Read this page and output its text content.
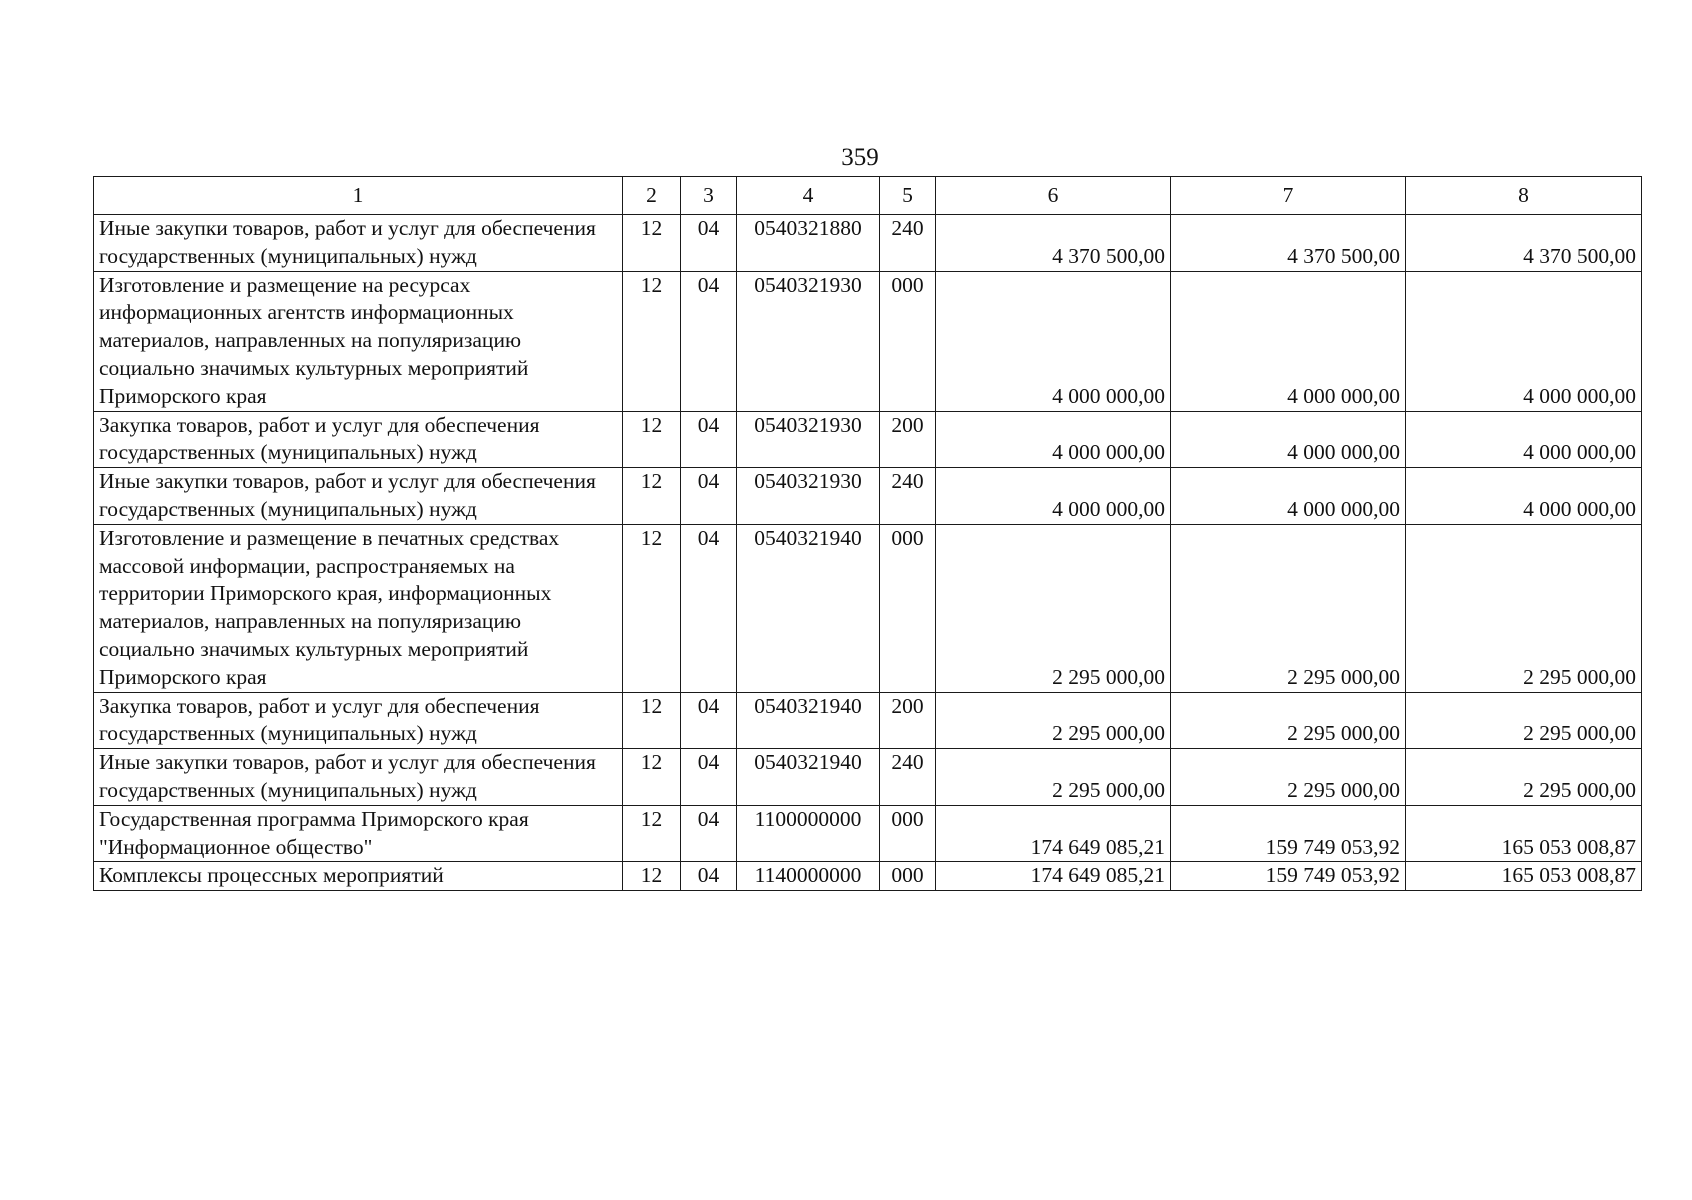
359
1	2	3	4	5	6	7	8
Иные закупки товаров, работ и услуг для обеспечения государственных (муниципальных) нужд	12	04	0540321880	240	4 370 500,00	4 370 500,00	4 370 500,00
Изготовление и размещение на ресурсах информационных агентств информационных материалов, направленных на популяризацию социально значимых культурных мероприятий Приморского края	12	04	0540321930	000	4 000 000,00	4 000 000,00	4 000 000,00
Закупка товаров, работ и услуг для обеспечения государственных (муниципальных) нужд	12	04	0540321930	200	4 000 000,00	4 000 000,00	4 000 000,00
Иные закупки товаров, работ и услуг для обеспечения государственных (муниципальных) нужд	12	04	0540321930	240	4 000 000,00	4 000 000,00	4 000 000,00
Изготовление и размещение в печатных средствах массовой информации, распространяемых на территории Приморского края, информационных материалов, направленных на популяризацию социально значимых культурных мероприятий Приморского края	12	04	0540321940	000	2 295 000,00	2 295 000,00	2 295 000,00
Закупка товаров, работ и услуг для обеспечения государственных (муниципальных) нужд	12	04	0540321940	200	2 295 000,00	2 295 000,00	2 295 000,00
Иные закупки товаров, работ и услуг для обеспечения государственных (муниципальных) нужд	12	04	0540321940	240	2 295 000,00	2 295 000,00	2 295 000,00
Государственная программа Приморского края "Информационное общество"	12	04	1100000000	000	174 649 085,21	159 749 053,92	165 053 008,87
Комплексы процессных мероприятий	12	04	1140000000	000	174 649 085,21	159 749 053,92	165 053 008,87
